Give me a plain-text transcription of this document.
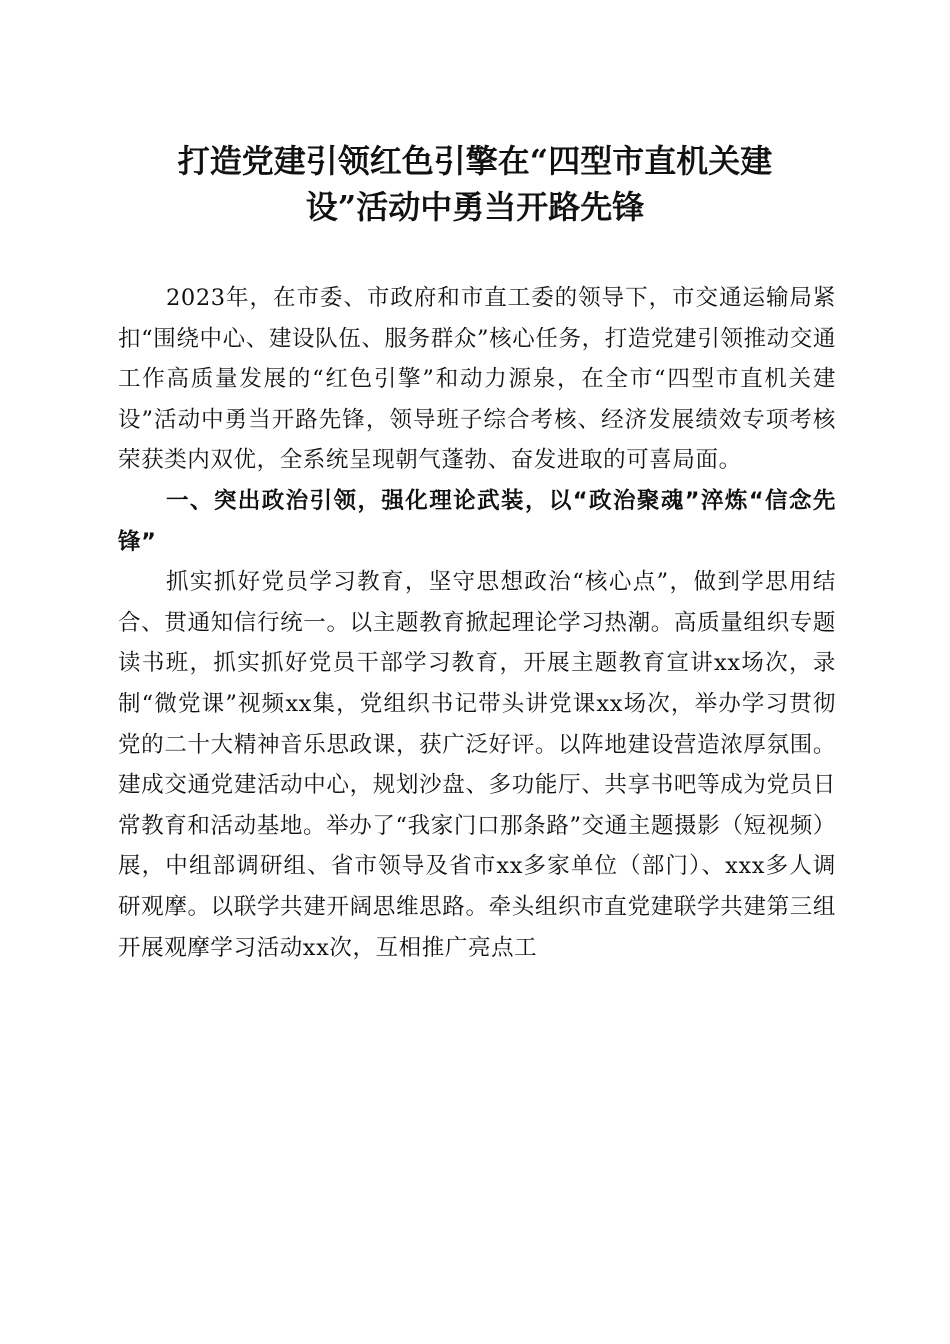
打造党建引领红色引擎在“四型市直机关建
设”活动中勇当开路先锋

2023年，在市委、市政府和市直工委的领导下，市交通运输局紧扣“围绕中心、建设队伍、服务群众”核心任务，打造党建引领推动交通工作高质量发展的“红色引擎”和动力源泉，在全市“四型市直机关建设”活动中勇当开路先锋，领导班子综合考核、经济发展绩效专项考核荣获类内双优，全系统呈现朝气蓬勃、奋发进取的可喜局面。

一、突出政治引领，强化理论武装，以“政治聚魂”淬炼“信念先锋”

抓实抓好党员学习教育，坚守思想政治“核心点”，做到学思用结合、贯通知信行统一。以主题教育掀起理论学习热潮。高质量组织专题读书班，抓实抓好党员干部学习教育，开展主题教育宣讲xx场次，录制“微党课”视频xx集，党组织书记带头讲党课xx场次，举办学习贯彻党的二十大精神音乐思政课，获广泛好评。以阵地建设营造浓厚氛围。建成交通党建活动中心，规划沙盘、多功能厅、共享书吧等成为党员日常教育和活动基地。举办了“我家门口那条路”交通主题摄影（短视频）展，中组部调研组、省市领导及省市xx多家单位（部门）、xxx多人调研观摩。以联学共建开阔思维思路。牵头组织市直党建联学共建第三组开展观摩学习活动xx次，互相推广亮点工
